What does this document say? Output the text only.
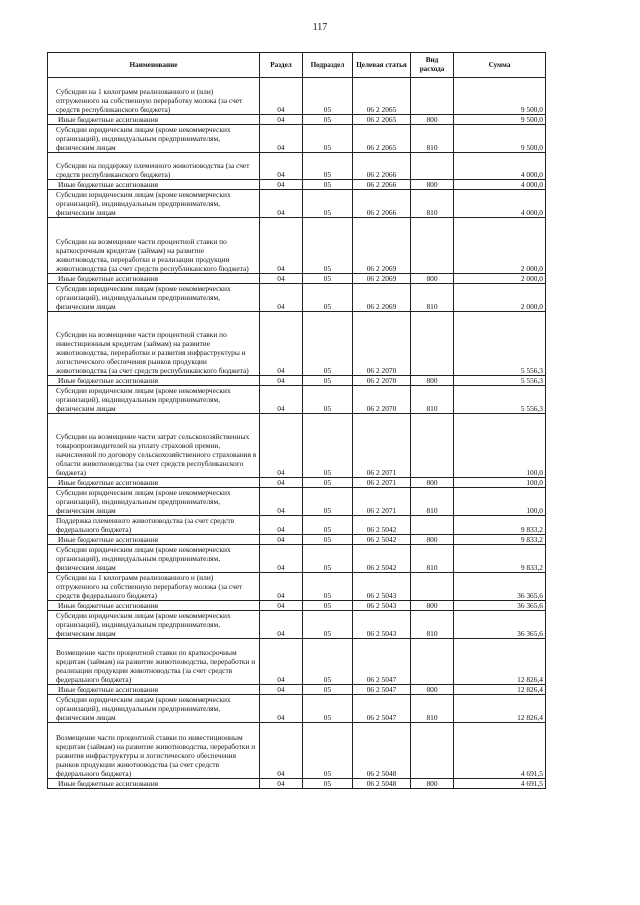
117
Наименование	Раздел	Подраздел	Целевая статья	Вид расхода	Сумма
Субсидии на 1 килограмм реализованного и (или) отгруженного на собственную переработку молока (за счет средств республиканского бюджета)	04	05	06 2 2065		9 500,0
Иные бюджетные ассигнования	04	05	06 2 2065	800	9 500,0
Субсидии юридическим лицам (кроме некоммерческих организаций), индивидуальным предпринимателям, физическим лицам	04	05	06 2 2065	810	9 500,0
Субсидии на поддержку племенного животноводства (за счет средств республиканского бюджета)	04	05	06 2 2066		4 000,0
Иные бюджетные ассигнования	04	05	06 2 2066	800	4 000,0
Субсидии юридическим лицам (кроме некоммерческих организаций), индивидуальным предпринимателям, физическим лицам	04	05	06 2 2066	810	4 000,0
Субсидии на возмещение части процентной ставки по краткосрочным кредитам (займам) на развитие животноводства, переработки и реализации продукции животноводства (за счет средств республиканского бюджета)	04	05	06 2 2069		2 000,0
Иные бюджетные ассигнования	04	05	06 2 2069	800	2 000,0
Субсидии юридическим лицам (кроме некоммерческих организаций), индивидуальным предпринимателям, физическим лицам	04	05	06 2 2069	810	2 000,0
Субсидии на возмещение части процентной ставки по инвестиционным кредитам (займам) на развитие животноводства, переработки и развития инфраструктуры и логистического обеспечения рынков продукции животноводства (за счет средств республиканского бюджета)	04	05	06 2 2070		5 556,3
Иные бюджетные ассигнования	04	05	06 2 2070	800	5 556,3
Субсидии юридическим лицам (кроме некоммерческих организаций), индивидуальным предпринимателям, физическим лицам	04	05	06 2 2070	810	5 556,3
Субсидии на возмещение части затрат сельскохозяйственных товаропроизводителей на уплату страховой премии, начисленной по договору сельскохозяйственного страхования в области животноводства (за счет средств республиканского бюджета)	04	05	06 2 2071		100,0
Иные бюджетные ассигнования	04	05	06 2 2071	800	100,0
Субсидии юридическим лицам (кроме некоммерческих организаций), индивидуальным предпринимателям, физическим лицам	04	05	06 2 2071	810	100,0
Поддержка племенного животноводства (за счет средств федерального бюджета)	04	05	06 2 5042		9 833,2
Иные бюджетные ассигнования	04	05	06 2 5042	800	9 833,2
Субсидии юридическим лицам (кроме некоммерческих организаций), индивидуальным предпринимателям, физическим лицам	04	05	06 2 5042	810	9 833,2
Субсидии на 1 килограмм реализованного и (или) отгруженного на собственную переработку молока (за счет средств федерального бюджета)	04	05	06 2 5043		36 365,6
Иные бюджетные ассигнования	04	05	06 2 5043	800	36 365,6
Субсидии юридическим лицам (кроме некоммерческих организаций), индивидуальным предпринимателям, физическим лицам	04	05	06 2 5043	810	36 365,6
Возмещение части процентной ставки по краткосрочным кредитам (займам) на развитие животноводства, переработки и реализации продукции животноводства (за счет средств федерального бюджета)	04	05	06 2 5047		12 826,4
Иные бюджетные ассигнования	04	05	06 2 5047	800	12 826,4
Субсидии юридическим лицам (кроме некоммерческих организаций), индивидуальным предпринимателям, физическим лицам	04	05	06 2 5047	810	12 826,4
Возмещение части процентной ставки по инвестиционным кредитам (займам) на развитие животноводства, переработки и развития инфраструктуры и логистического обеспечения рынков продукции животноводства (за счет средств федерального бюджета)	04	05	06 2 5048		4 691,5
Иные бюджетные ассигнования	04	05	06 2 5048	800	4 691,5
